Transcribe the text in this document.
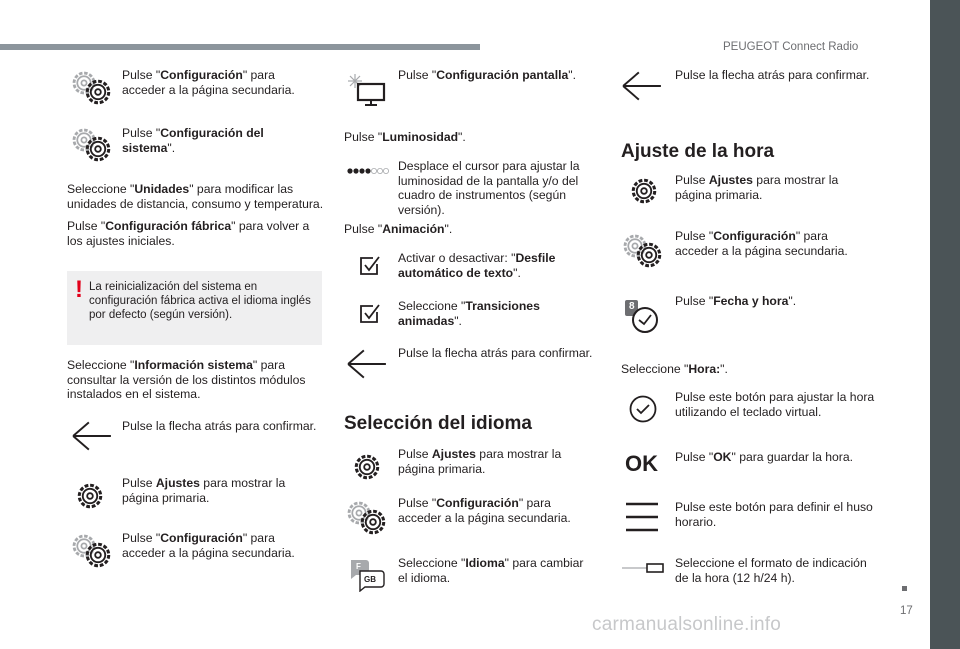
PEUGEOT Connect Radio
17
carmanualsonline.info
Pulse "Configuración" para acceder a la página secundaria.
Pulse "Configuración del sistema".
Seleccione "Unidades" para modificar las unidades de distancia, consumo y temperatura.
Pulse "Configuración fábrica" para volver a los ajustes iniciales.
! La reinicialización del sistema en configuración fábrica activa el idioma inglés por defecto (según versión).
Seleccione "Información sistema" para consultar la versión de los distintos módulos instalados en el sistema.
Pulse la flecha atrás para confirmar.
Pulse Ajustes para mostrar la página primaria.
Pulse "Configuración" para acceder a la página secundaria.
Pulse "Configuración pantalla".
Pulse "Luminosidad".
Desplace el cursor para ajustar la luminosidad de la pantalla y/o del cuadro de instrumentos (según versión).
Pulse "Animación".
Activar o desactivar: "Desfile automático de texto".
Seleccione "Transiciones animadas".
Pulse la flecha atrás para confirmar.
Selección del idioma
Pulse Ajustes para mostrar la página primaria.
Pulse "Configuración" para acceder a la página secundaria.
F
GB
Seleccione "Idioma" para cambiar el idioma.
Pulse la flecha atrás para confirmar.
Ajuste de la hora
Pulse Ajustes para mostrar la página primaria.
Pulse "Configuración" para acceder a la página secundaria.
8	Pulse "Fecha y hora".
Seleccione "Hora:".
Pulse este botón para ajustar la hora utilizando el teclado virtual.
OK Pulse "OK" para guardar la hora.
Pulse este botón para definir el huso horario.
Seleccione el formato de indicación de la hora (12 h/24 h).
